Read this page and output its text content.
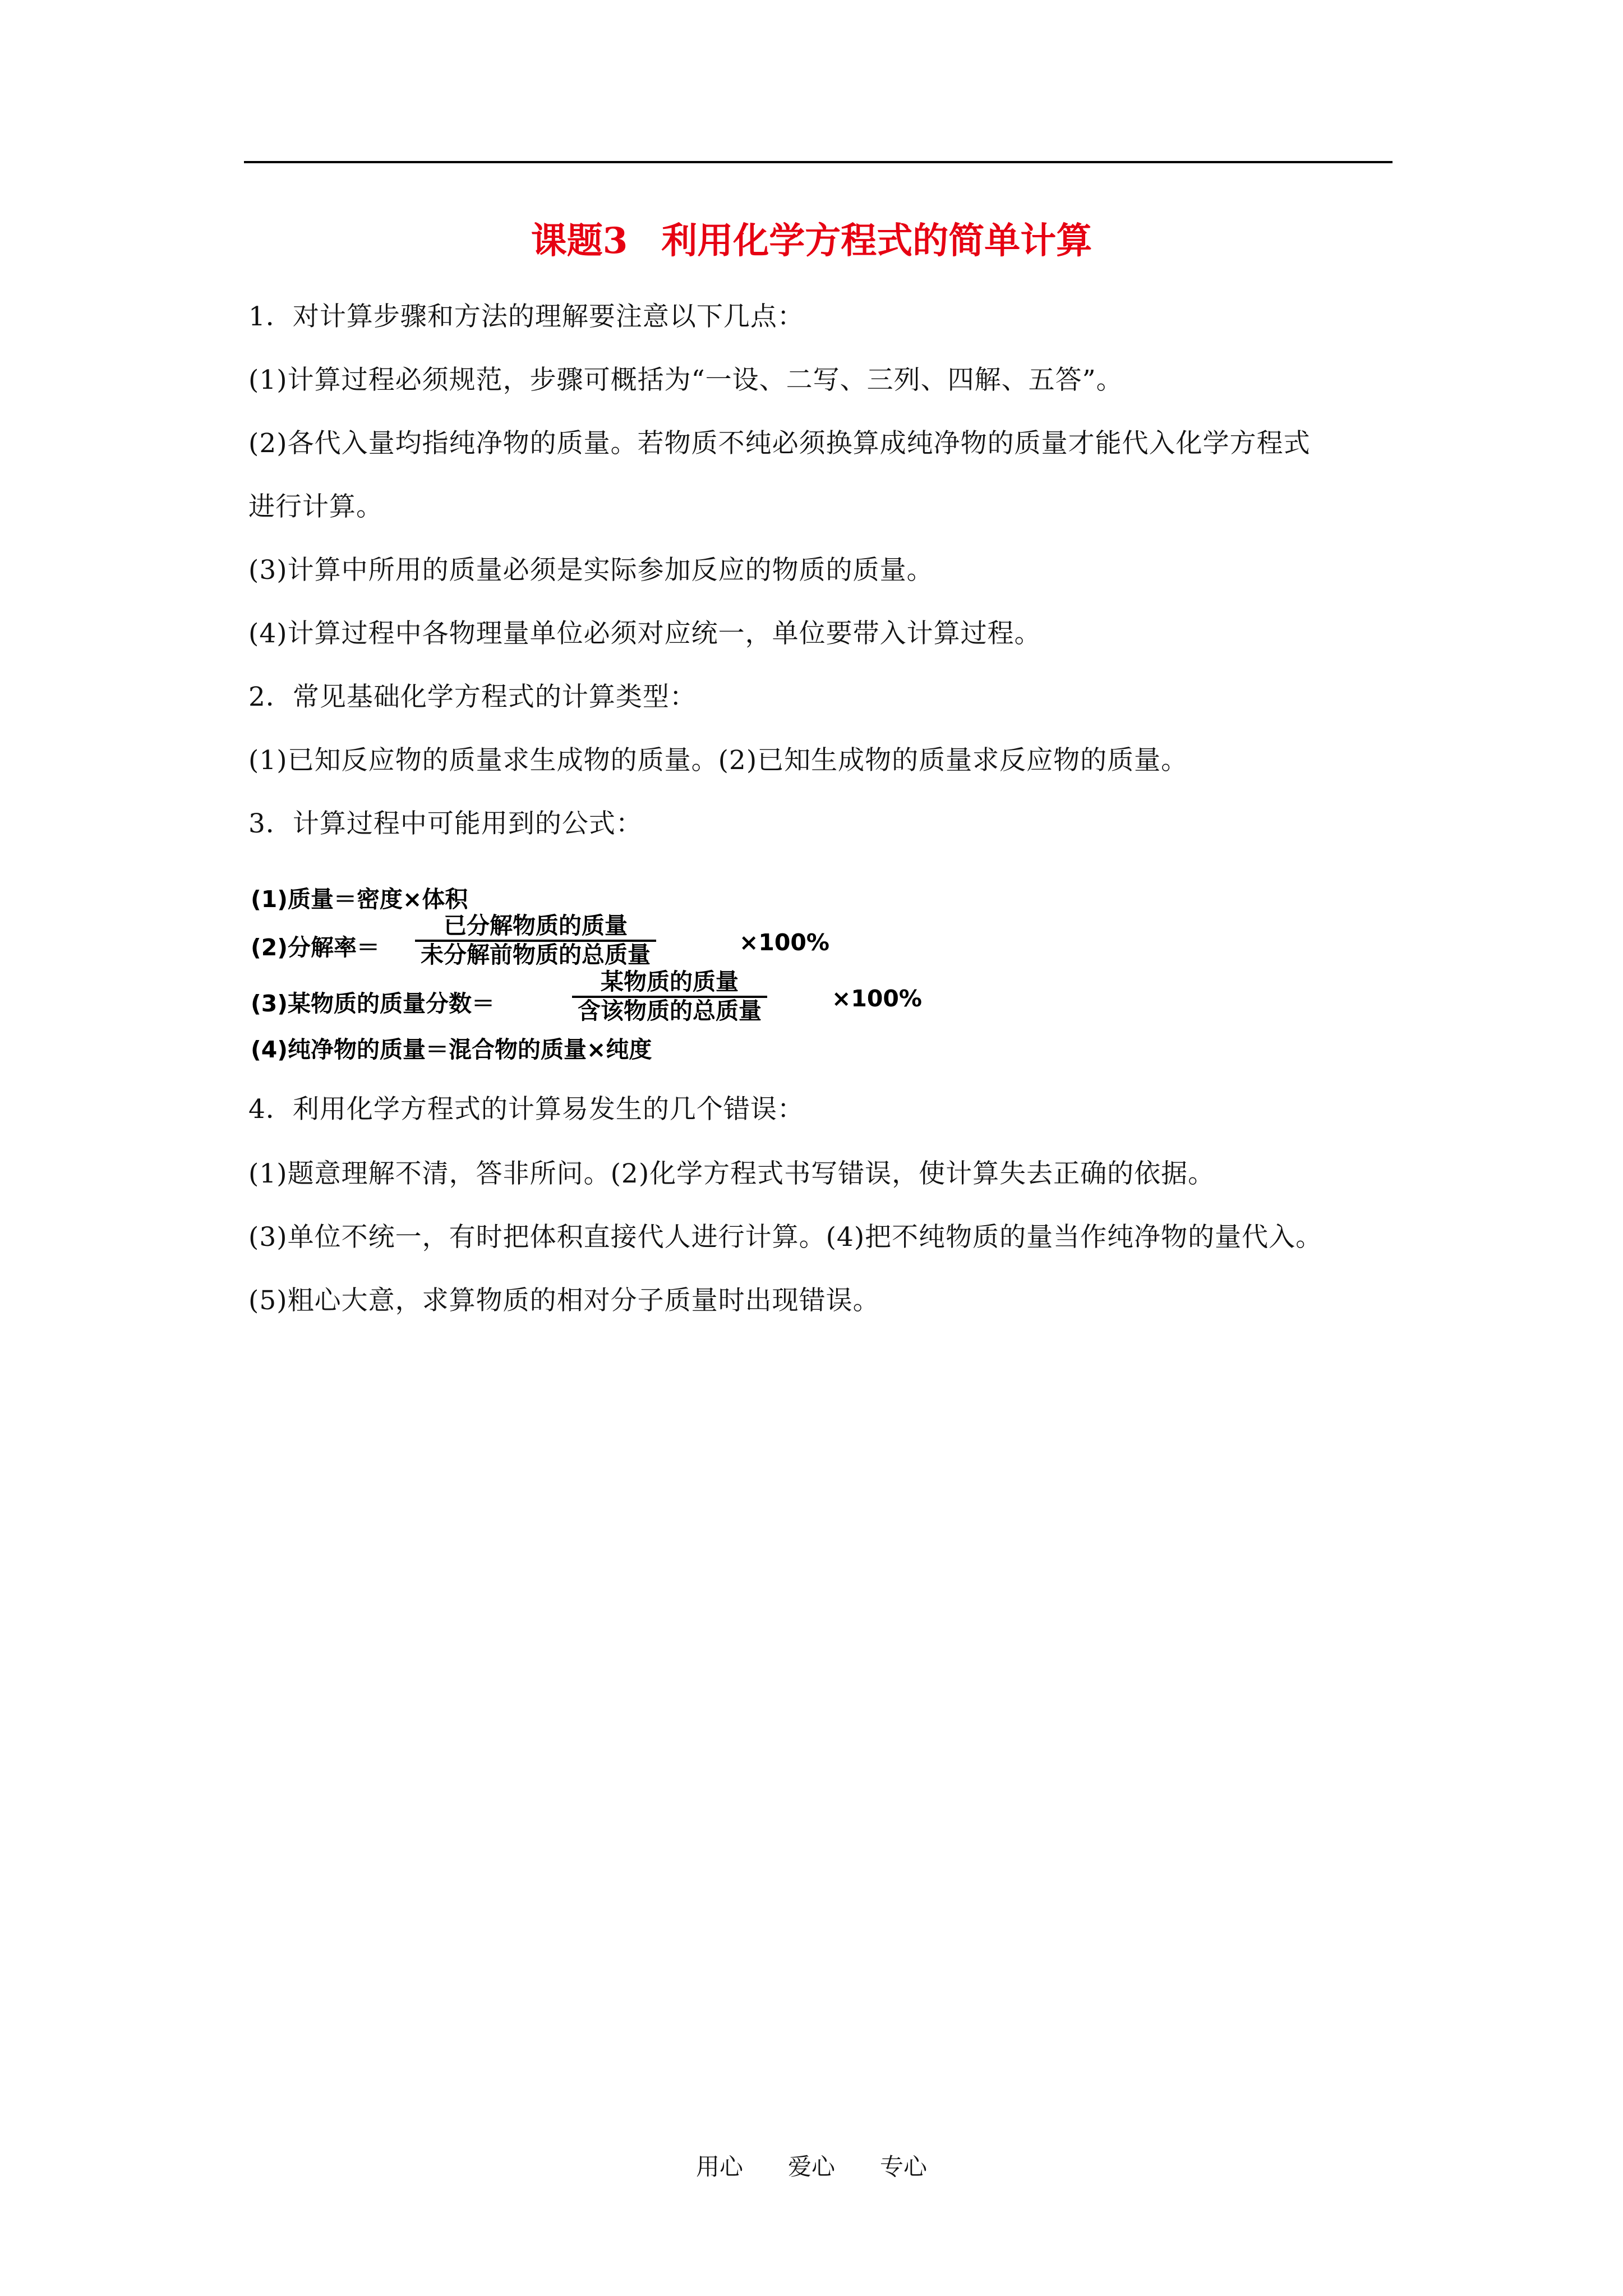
课题3 利用化学方程式的简单计算
1．对计算步骤和方法的理解要注意以下几点：
(1)计算过程必须规范，步骤可概括为“一设、二写、三列、四解、五答”。
(2)各代入量均指纯净物的质量。若物质不纯必须换算成纯净物的质量才能代入化学方程式
进行计算。
(3)计算中所用的质量必须是实际参加反应的物质的质量。
(4)计算过程中各物理量单位必须对应统一，单位要带入计算过程。
2．常见基础化学方程式的计算类型：
(1)已知反应物的质量求生成物的质量。(2)已知生成物的质量求反应物的质量。
3．计算过程中可能用到的公式：
(1)质量＝密度×体积
(2)分解率＝
已分解物质的质量
未分解前物质的总质量	×100%
(3)某物质的质量分数＝
某物质的质量
含该物质的总质量	×100%
(4)纯净物的质量＝混合物的质量×纯度
4．利用化学方程式的计算易发生的几个错误：
(1)题意理解不清，答非所问。(2)化学方程式书写错误，使计算失去正确的依据。
(3)单位不统一，有时把体积直接代人进行计算。(4)把不纯物质的量当作纯净物的量代入。
(5)粗心大意，求算物质的相对分子质量时出现错误。
用心 爱心 专心
